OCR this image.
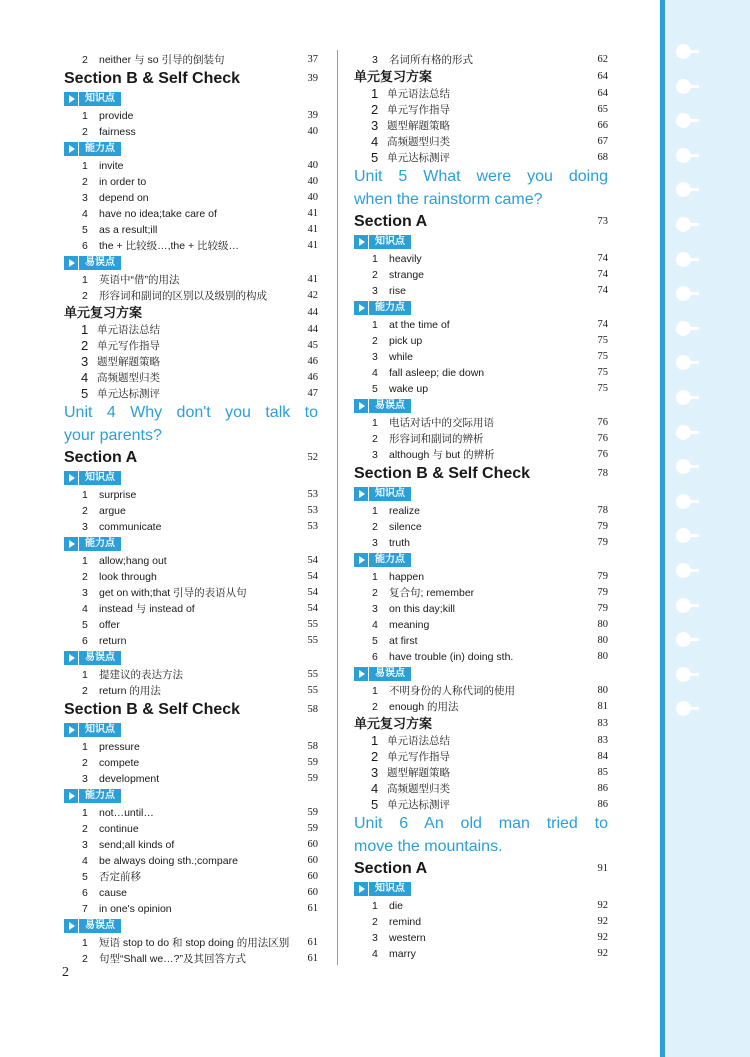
2 neither 与 so 引导的倒装句	37
Section B & Self Check	39
知识点
1 provide	39
2 fairness	40
能力点
1 invite	40
2 in order to	40
3 depend on	40
4 have no idea;take care of	41
5 as a result;ill	41
6 the + 比较级…,the + 比较级…	41
易误点
1 英语中“借”的用法	41
2 形容词和副词的区别以及级别的构成	42
单元复习方案	44
1 单元语法总结	44
2 单元写作指导	45
3 题型解题策略	46
4 高频题型归类	46
5 单元达标测评	47
Unit 4 Why don't you talk to
your parents?
Section A	52
知识点
1 surprise	53
2 argue	53
3 communicate	53
能力点
1 allow;hang out	54
2 look through	54
3 get on with;that 引导的表语从句	54
4 instead 与 instead of	54
5 offer	55
6 return	55
易误点
1 提建议的表达方法	55
2 return 的用法	55
Section B & Self Check	58
知识点
1 pressure	58
2 compete	59
3 development	59
能力点
1 not…until…	59
2 continue	59
3 send;all kinds of	60
4 be always doing sth.;compare	60
5 否定前移	60
6 cause	60
7 in one's opinion	61
易误点
1 短语 stop to do 和 stop doing 的用法区别 61
2 句型“Shall we…?”及其回答方式	61
3 名词所有格的形式	62
单元复习方案	64
1 单元语法总结	64
2 单元写作指导	65
3 题型解题策略	66
4 高频题型归类	67
5 单元达标测评	68
Unit 5 What were you doing
when the rainstorm came?
Section A	73
知识点
1 heavily	74
2 strange	74
3 rise	74
能力点
1 at the time of	74
2 pick up	75
3 while	75
4 fall asleep; die down	75
5 wake up	75
易误点
1 电话对话中的交际用语	76
2 形容词和副词的辨析	76
3 although 与 but 的辨析	76
Section B & Self Check	78
知识点
1 realize	78
2 silence	79
3 truth	79
能力点
1 happen	79
2 复合句; remember	79
3 on this day;kill	79
4 meaning	80
5 at first	80
6 have trouble (in) doing sth.	80
易误点
1 不明身份的人称代词的使用	80
2 enough 的用法	81
单元复习方案	83
1 单元语法总结	83
2 单元写作指导	84
3 题型解题策略	85
4 高频题型归类	86
5 单元达标测评	86
Unit 6 An old man tried to
move the mountains.
Section A	91
知识点
1 die	92
2 remind	92
3 western	92
4 marry	92
2
